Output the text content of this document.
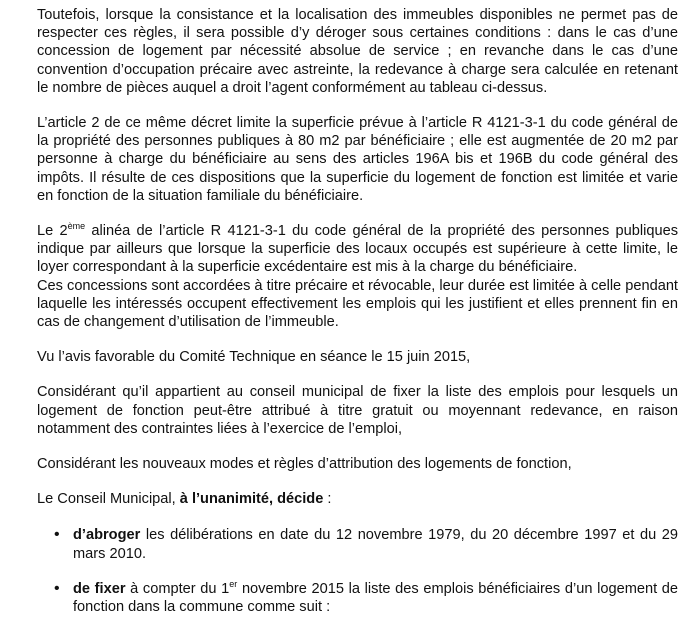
Toutefois, lorsque la consistance et la localisation des immeubles disponibles ne permet pas de respecter ces règles, il sera possible d’y déroger sous certaines conditions : dans le cas d’une concession de logement par nécessité absolue de service ; en revanche dans le cas d’une convention d’occupation précaire avec astreinte, la redevance à charge sera calculée en retenant le nombre de pièces auquel a droit l’agent conformément au tableau ci-dessus.

L’article 2 de ce même décret limite la superficie prévue à l’article R 4121-3-1 du code général de la propriété des personnes publiques à 80 m2 par bénéficiaire ; elle est augmentée de 20 m2 par personne à charge du bénéficiaire au sens des articles 196A bis et 196B du code général des impôts. Il résulte de ces dispositions que la superficie du logement de fonction est limitée et varie en fonction de la situation familiale du bénéficiaire.

Le 2ème alinéa de l’article R 4121-3-1 du code général de la propriété des personnes publiques indique par ailleurs que lorsque la superficie des locaux occupés est supérieure à cette limite, le loyer correspondant à la superficie excédentaire est mis à la charge du bénéficiaire.

Ces concessions sont accordées à titre précaire et révocable, leur durée est limitée à celle pendant laquelle les intéressés occupent effectivement les emplois qui les justifient et elles prennent fin en cas de changement d’utilisation de l’immeuble.

Vu l’avis favorable du Comité Technique en séance le 15 juin 2015,

Considérant qu’il appartient au conseil municipal de fixer la liste des emplois pour lesquels un logement de fonction peut-être attribué à titre gratuit ou moyennant redevance, en raison notamment des contraintes liées à l’exercice de l’emploi,

Considérant les nouveaux modes et règles d’attribution des logements de fonction,

Le Conseil Municipal, à l’unanimité, décide :

• d’abroger les délibérations en date du 12 novembre 1979, du 20 décembre 1997 et du 29 mars 2010.
• de fixer à compter du 1er novembre 2015 la liste des emplois bénéficiaires d’un logement de fonction dans la commune comme suit :
